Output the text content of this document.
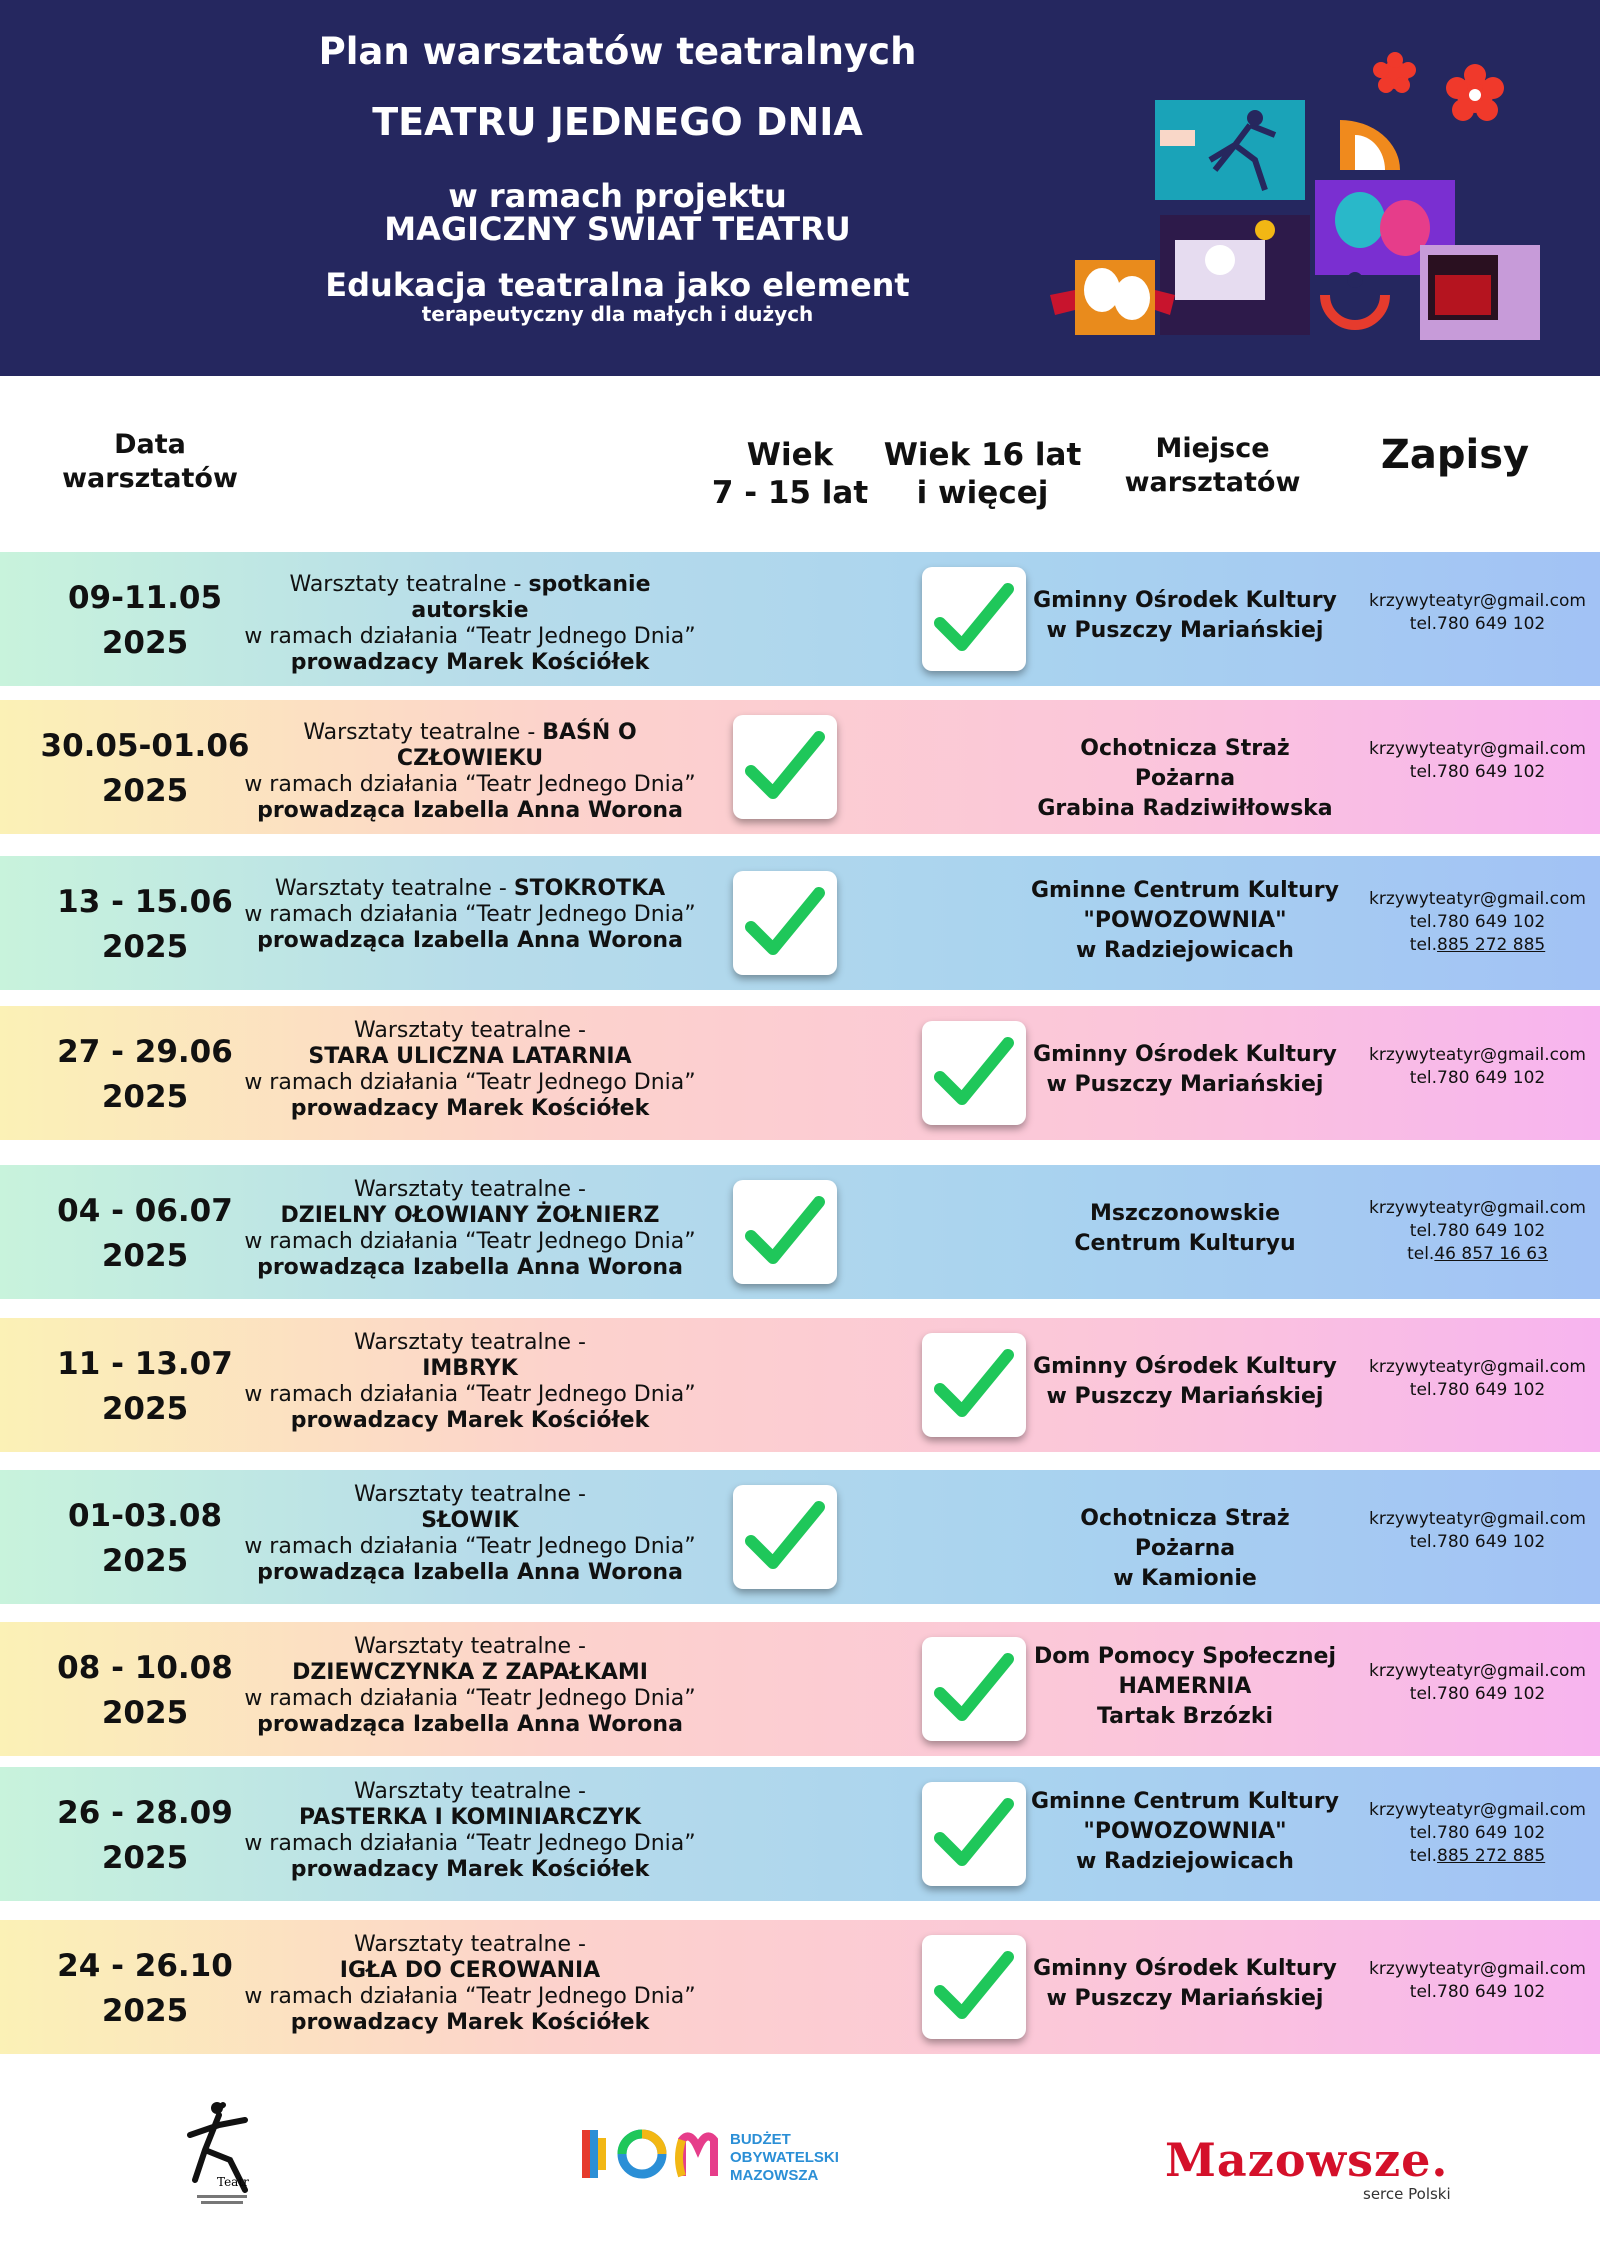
Plan warsztatów teatralnych
TEATRU JEDNEGO DNIA
w ramach projektu
MAGICZNY SWIAT TEATRU
Edukacja teatralna jako element
terapeutyczny dla małych i dużych
Data
warsztatów
Wiek
7 - 15 lat
Wiek 16 lat
i więcej
Miejsce
warsztatów
Zapisy
09-11.05
2025
Warsztaty teatralne - spotkanie autorskie
w ramach działania “Teatr Jednego Dnia”
prowadzacy Marek Kościółek
Gminny Ośrodek Kultury
w Puszczy Mariańskiej
krzywyteatyr@gmail.com
tel.780 649 102
30.05-01.06
2025
Warsztaty teatralne - BAŚŃ O CZŁOWIEKU
w ramach działania “Teatr Jednego Dnia”
prowadząca Izabella Anna Worona
Ochotnicza Straż Pożarna
Grabina Radziwiłłowska
krzywyteatyr@gmail.com
tel.780 649 102
13 - 15.06
2025
Warsztaty teatralne - STOKROTKA
w ramach działania “Teatr Jednego Dnia”
prowadząca Izabella Anna Worona
Gminne Centrum Kultury
"POWOZOWNIA"
w Radziejowicach
krzywyteatyr@gmail.com
tel.780 649 102
tel.885 272 885
27 - 29.06
2025
Warsztaty teatralne -
STARA ULICZNA LATARNIA
w ramach działania “Teatr Jednego Dnia”
prowadzacy Marek Kościółek
Gminny Ośrodek Kultury
w Puszczy Mariańskiej
krzywyteatyr@gmail.com
tel.780 649 102
04 - 06.07
2025
Warsztaty teatralne -
DZIELNY OŁOWIANY ŻOŁNIERZ
w ramach działania “Teatr Jednego Dnia”
prowadząca Izabella Anna Worona
Mszczonowskie
Centrum Kulturyu
krzywyteatyr@gmail.com
tel.780 649 102
tel.46 857 16 63
11 - 13.07
2025
Warsztaty teatralne -
IMBRYK
w ramach działania “Teatr Jednego Dnia”
prowadzacy Marek Kościółek
Gminny Ośrodek Kultury
w Puszczy Mariańskiej
krzywyteatyr@gmail.com
tel.780 649 102
01-03.08
2025
Warsztaty teatralne -
SŁOWIK
w ramach działania “Teatr Jednego Dnia”
prowadząca Izabella Anna Worona
Ochotnicza Straż Pożarna
w Kamionie
krzywyteatyr@gmail.com
tel.780 649 102
08 - 10.08
2025
Warsztaty teatralne -
DZIEWCZYNKA Z ZAPAŁKAMI
w ramach działania “Teatr Jednego Dnia”
prowadząca Izabella Anna Worona
Dom Pomocy Społecznej
HAMERNIA
Tartak Brzózki
krzywyteatyr@gmail.com
tel.780 649 102
26 - 28.09
2025
Warsztaty teatralne -
PASTERKA I KOMINIARCZYK
w ramach działania “Teatr Jednego Dnia”
prowadzacy Marek Kościółek
Gminne Centrum Kultury
"POWOZOWNIA"
w Radziejowicach
krzywyteatyr@gmail.com
tel.780 649 102
tel.885 272 885
24 - 26.10
2025
Warsztaty teatralne -
IGŁA DO CEROWANIA
w ramach działania “Teatr Jednego Dnia”
prowadzacy Marek Kościółek
Gminny Ośrodek Kultury
w Puszczy Mariańskiej
krzywyteatyr@gmail.com
tel.780 649 102
Teatr
BUDŻET
OBYWATELSKI
MAZOWSZA	Mazowsze.
serce Polski
